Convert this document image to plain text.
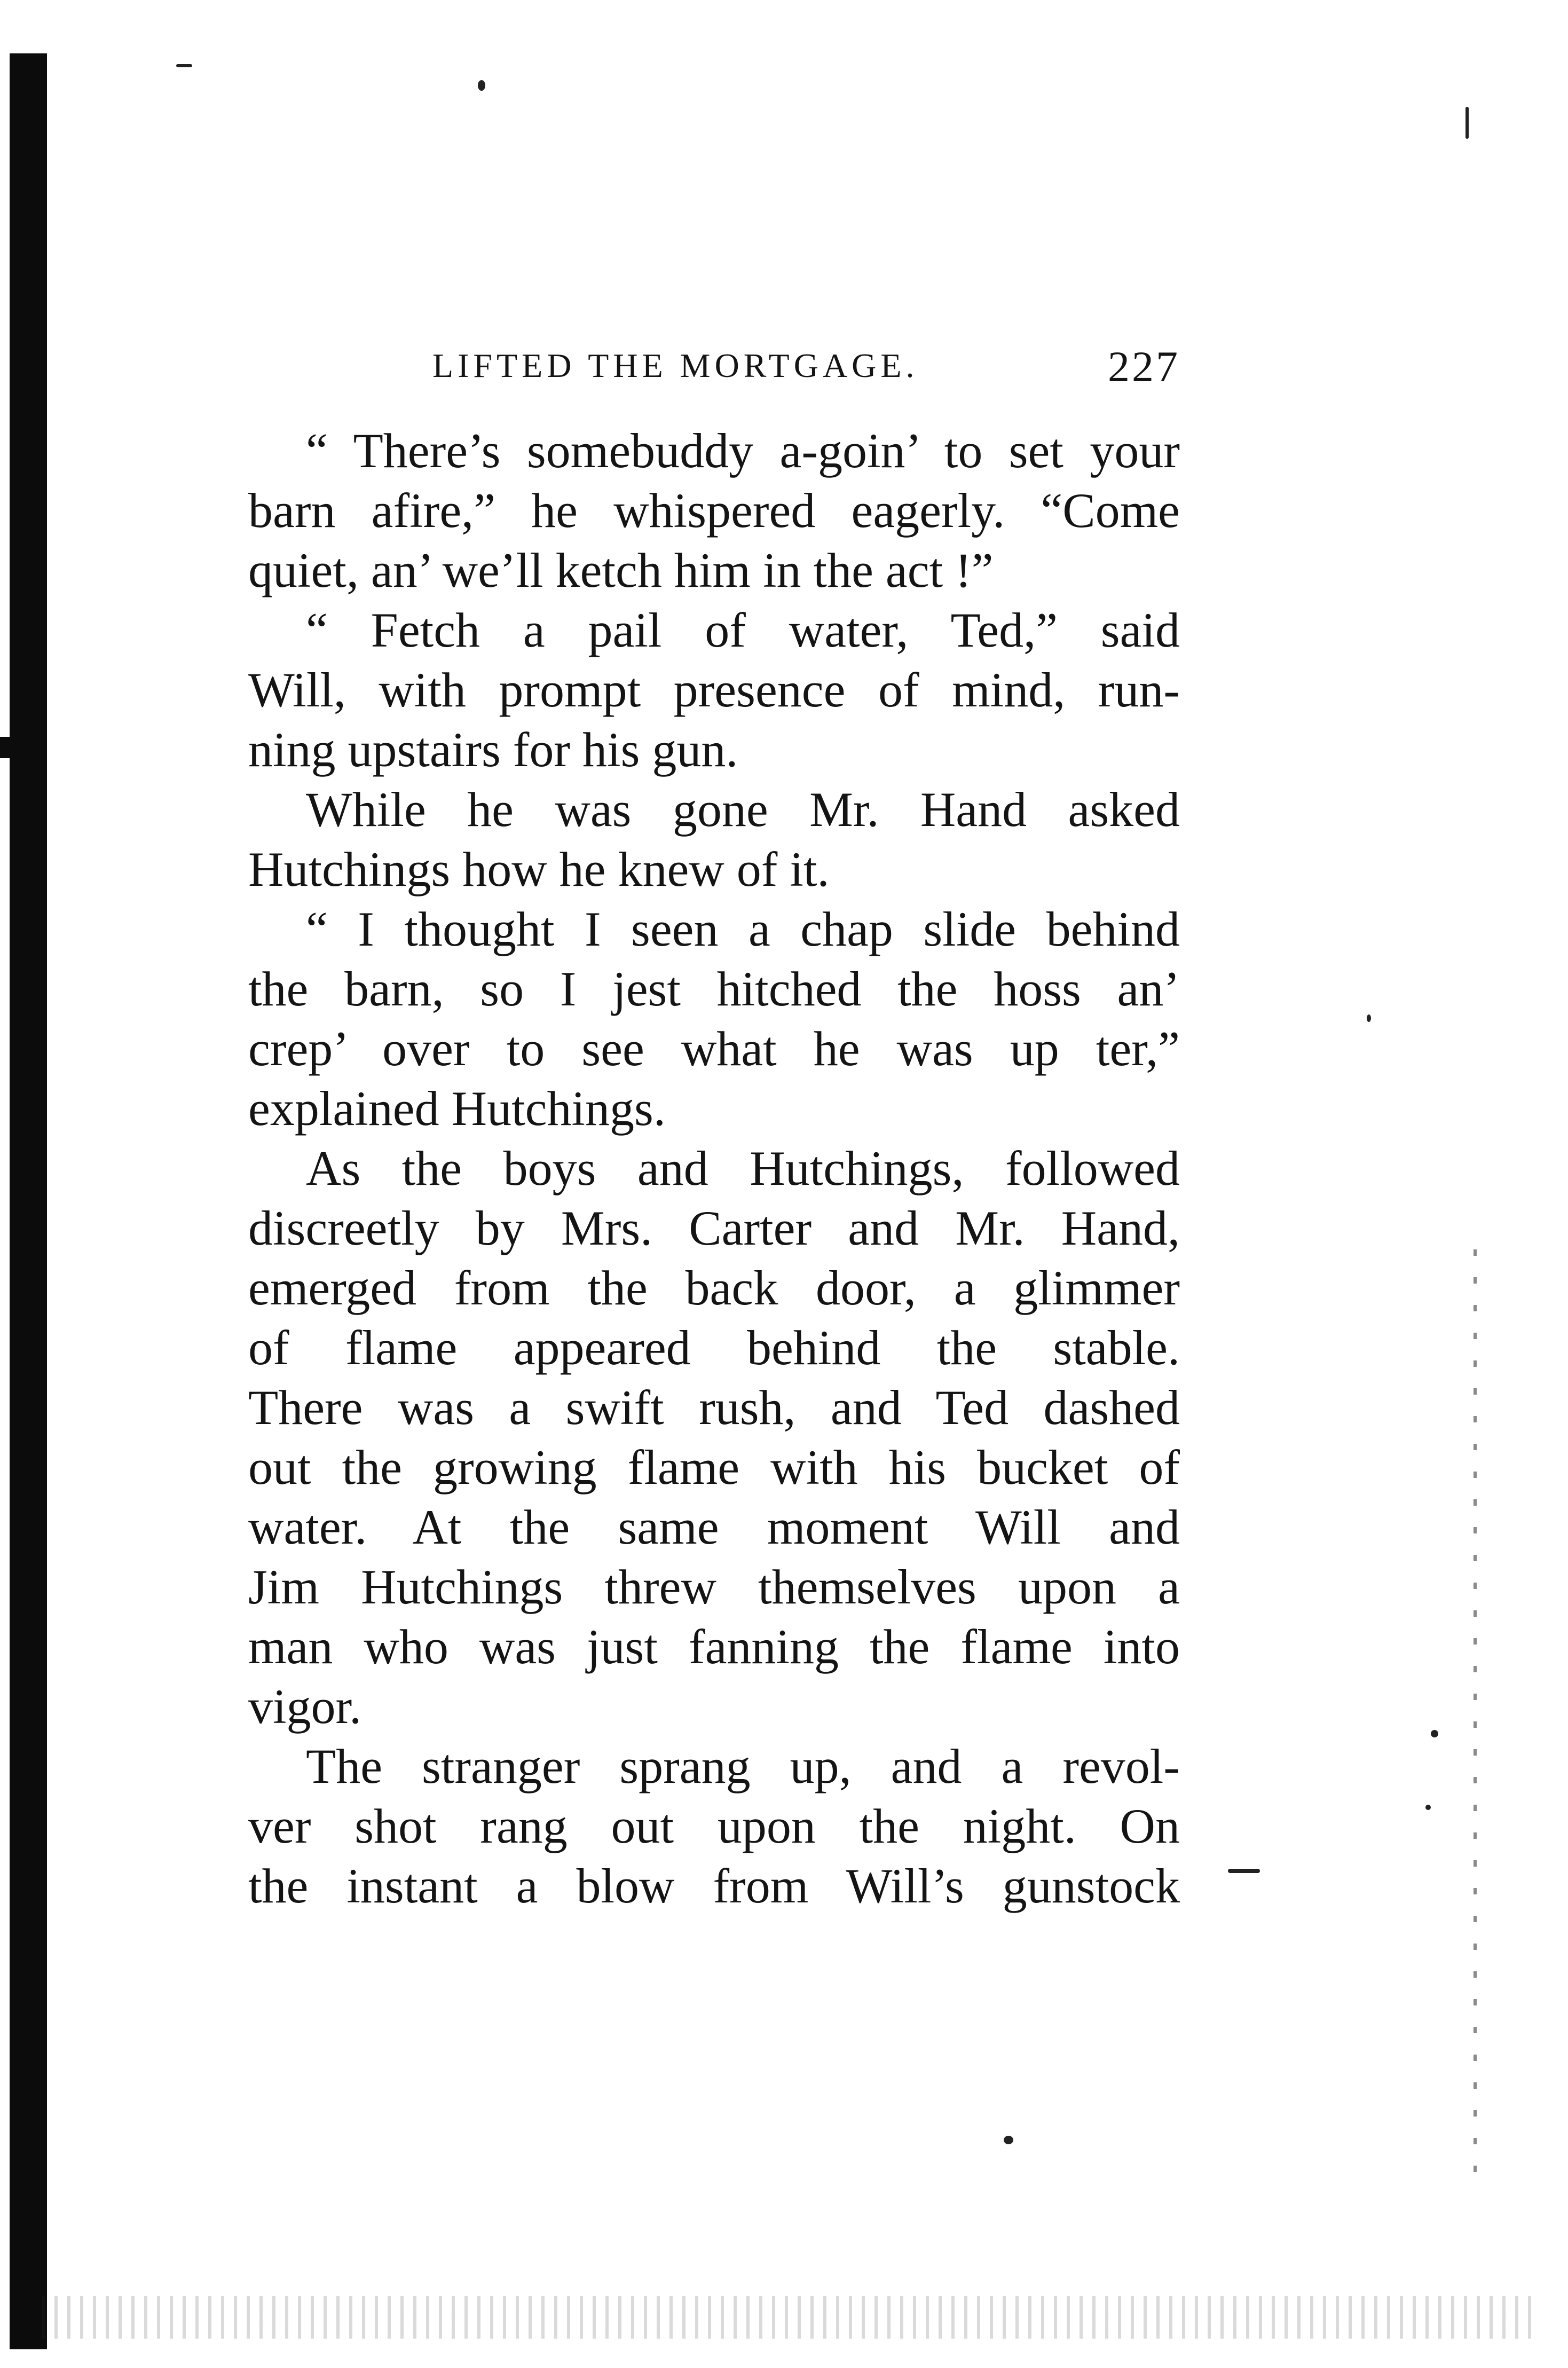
LIFTED THE MORTGAGE.	227
“ There’s somebuddy a-goin’ to set your
barn afire,” he whispered eagerly. “Come
quiet, an’ we’ll ketch him in the act !”
“ Fetch a pail of water, Ted,” said
Will, with prompt presence of mind, run-
ning upstairs for his gun.
While he was gone Mr. Hand asked
Hutchings how he knew of it.
“ I thought I seen a chap slide behind
the barn, so I jest hitched the hoss an’
crep’ over to see what he was up ter,”
explained Hutchings.
As the boys and Hutchings, followed
discreetly by Mrs. Carter and Mr. Hand,
emerged from the back door, a glimmer
of flame appeared behind the stable.
There was a swift rush, and Ted dashed
out the growing flame with his bucket of
water. At the same moment Will and
Jim Hutchings threw themselves upon a
man who was just fanning the flame into
vigor.
The stranger sprang up, and a revol-
ver shot rang out upon the night. On
the instant a blow from Will’s gunstock
